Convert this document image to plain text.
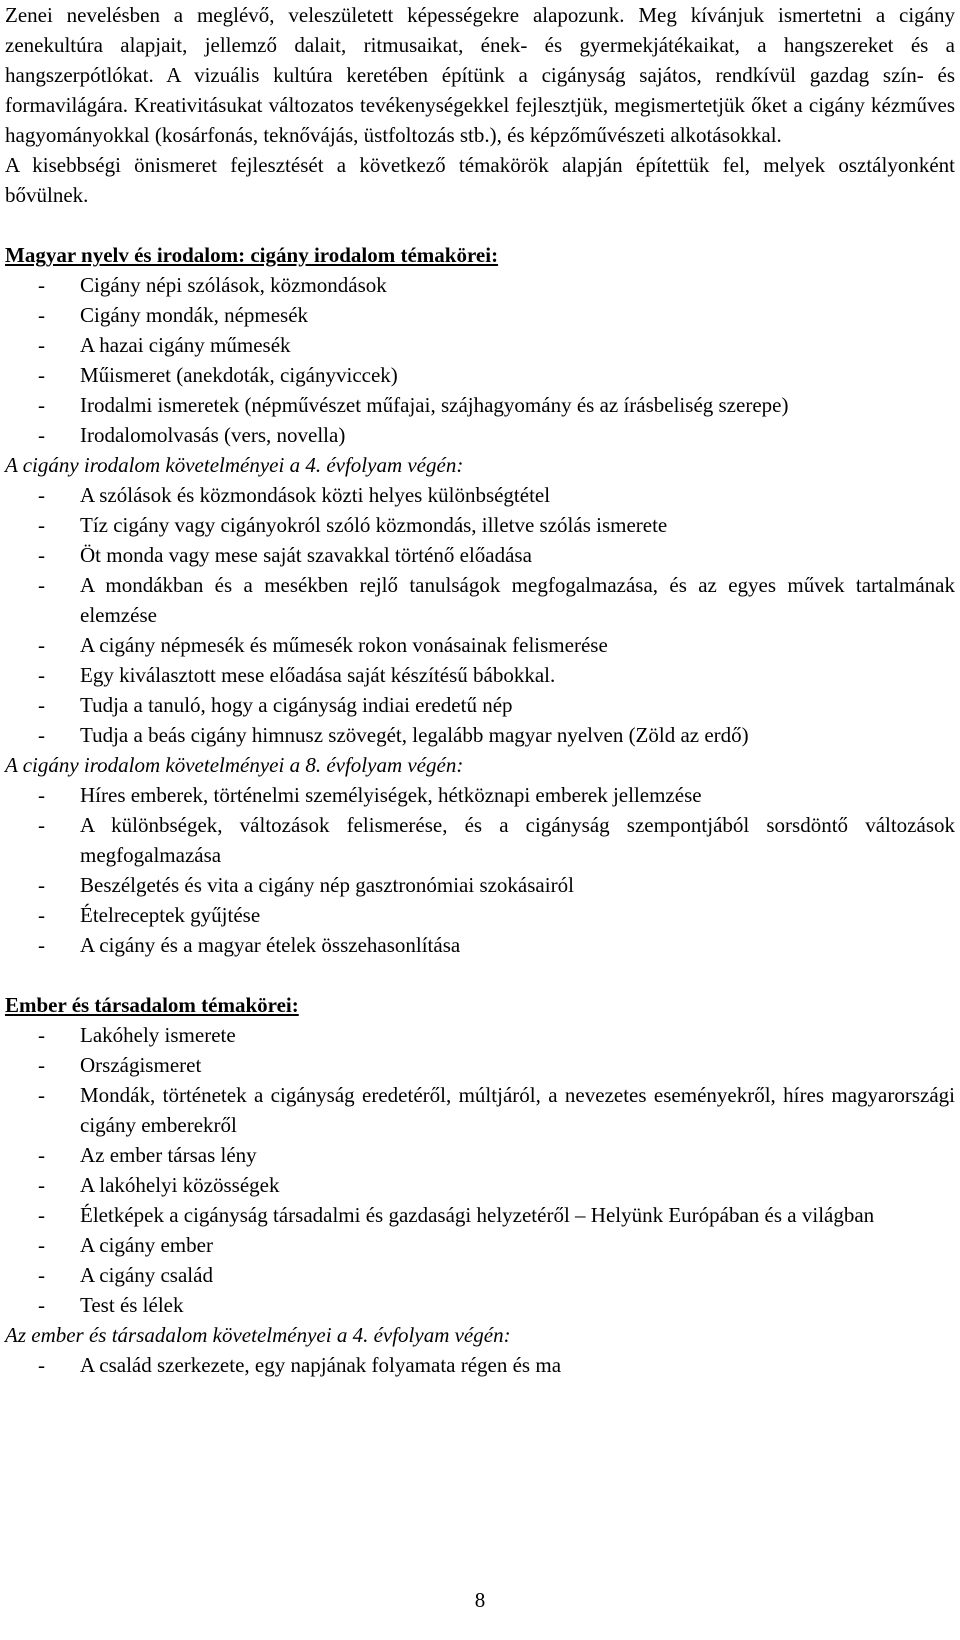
Zenei nevelésben a meglévő, veleszületett képességekre alapozunk. Meg kívánjuk ismertetni a cigány zenekultúra alapjait, jellemző dalait, ritmusaikat, ének- és gyermekjátékaikat, a hangszereket és a hangszerpótlókat. A vizuális kultúra keretében építünk a cigányság sajátos, rendkívül gazdag szín- és formavilágára. Kreativitásukat változatos tevékenységekkel fejlesztjük, megismertetjük őket a cigány kézműves hagyományokkal (kosárfonás, teknővájás, üstfoltozás stb.), és képzőművészeti alkotásokkal.

A kisebbségi önismeret fejlesztését a következő témakörök alapján építettük fel, melyek osztályonként bővülnek.

Magyar nyelv és irodalom: cigány irodalom témakörei:

- Cigány népi szólások, közmondások
- Cigány mondák, népmesék
- A hazai cigány műmesék
- Műismeret (anekdoták, cigányviccek)
- Irodalmi ismeretek (népművészet műfajai, szájhagyomány és az írásbeliség szerepe)
- Irodalomolvasás (vers, novella)

A cigány irodalom követelményei a 4. évfolyam végén:

- A szólások és közmondások közti helyes különbségtétel
- Tíz cigány vagy cigányokról szóló közmondás, illetve szólás ismerete
- Öt monda vagy mese saját szavakkal történő előadása
- A mondákban és a mesékben rejlő tanulságok megfogalmazása, és az egyes művek tartalmának elemzése
- A cigány népmesék és műmesék rokon vonásainak felismerése
- Egy kiválasztott mese előadása saját készítésű bábokkal.
- Tudja a tanuló, hogy a cigányság indiai eredetű nép
- Tudja a beás cigány himnusz szövegét, legalább magyar nyelven (Zöld az erdő)

A cigány irodalom követelményei a 8. évfolyam végén:

- Híres emberek, történelmi személyiségek, hétköznapi emberek jellemzése
- A különbségek, változások felismerése, és a cigányság szempontjából sorsdöntő változások megfogalmazása
- Beszélgetés és vita a cigány nép gasztronómiai szokásairól
- Ételreceptek gyűjtése
- A cigány és a magyar ételek összehasonlítása

Ember és társadalom témakörei:

- Lakóhely ismerete
- Országismeret
- Mondák, történetek a cigányság eredetéről, múltjáról, a nevezetes eseményekről, híres magyarországi cigány emberekről
- Az ember társas lény
- A lakóhelyi közösségek
- Életképek a cigányság társadalmi és gazdasági helyzetéről – Helyünk Európában és a világban
- A cigány ember
- A cigány család
- Test és lélek

Az ember és társadalom követelményei a 4. évfolyam végén:

- A család szerkezete, egy napjának folyamata régen és ma
8
